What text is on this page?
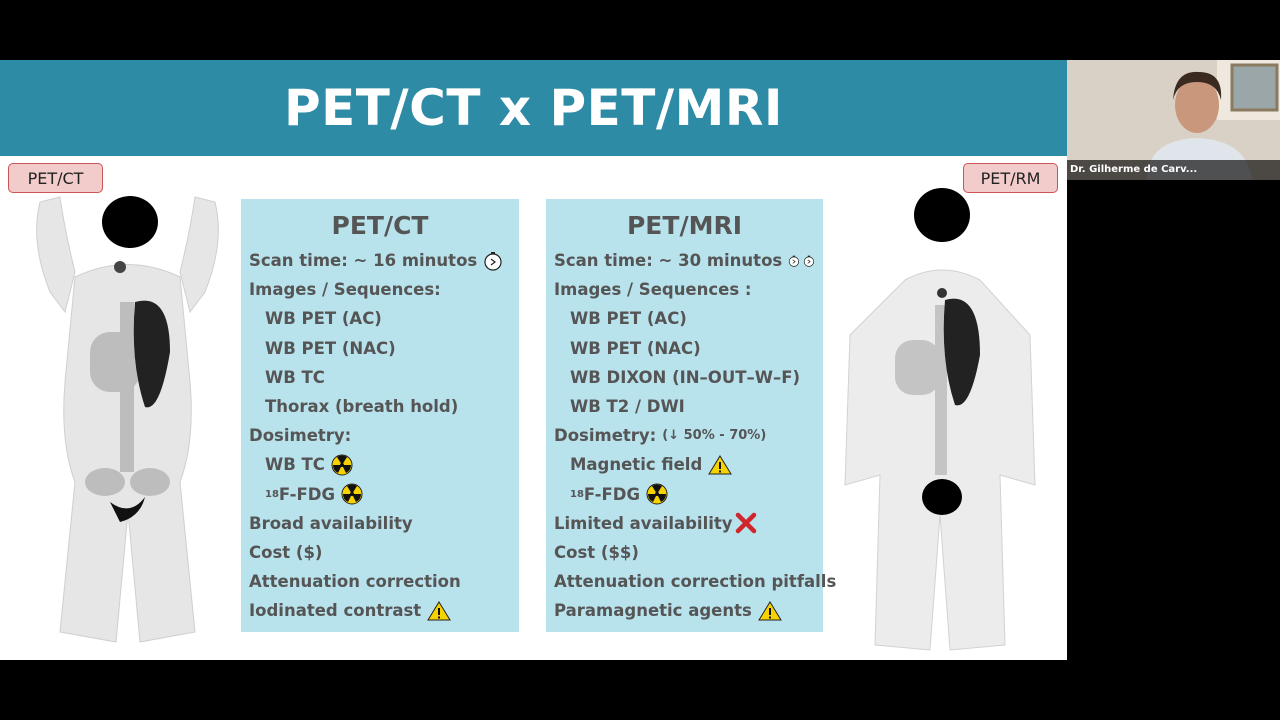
PET/CT x PET/MRI
PET/CT	PET/RM
PET/CT
Scan time: ~ 16 minutos
Images / Sequences:
WB PET (AC)
WB PET (NAC)
WB TC
Thorax (breath hold)
Dosimetry:
WB TC
18 F-FDG
Broad availability
Cost ($)
Attenuation correction
Iodinated contrast
PET/MRI
Scan time: ~ 30 minutos
Images / Sequences :
WB PET (AC)
WB PET (NAC)
WB DIXON (IN–OUT–W–F)
WB T2 / DWI
Dosimetry: (↓ 50% - 70%)
Magnetic field
18 F-FDG
Limited availability
Cost ($$)
Attenuation correction pitfalls
Paramagnetic agents
Dr. Gilherme de Carv...
